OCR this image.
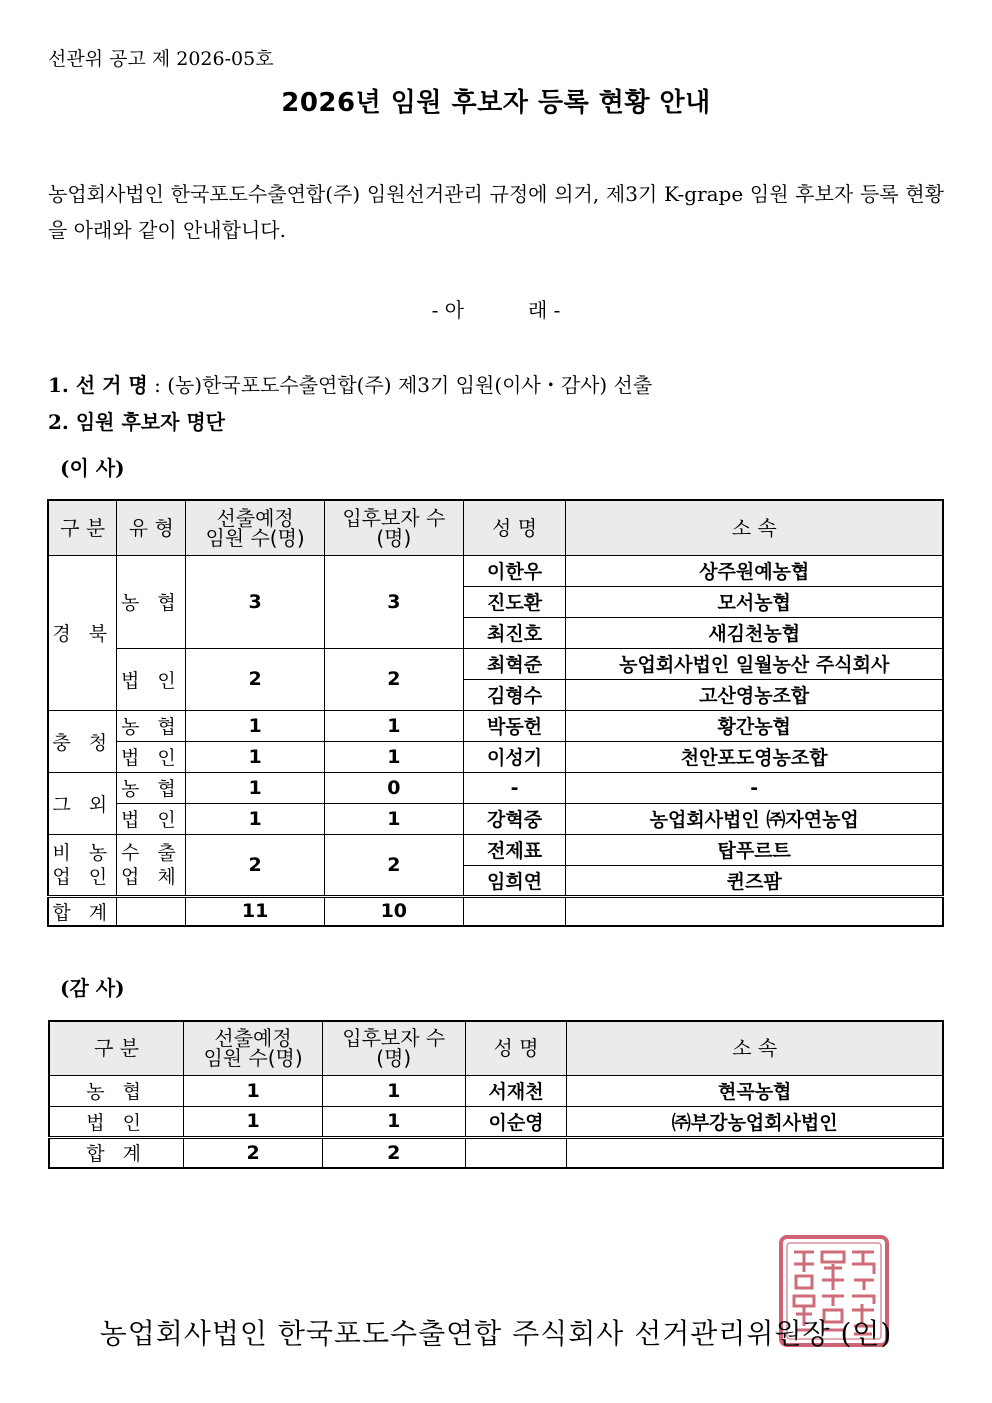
선관위 공고 제 2026-05호
2026년 임원 후보자 등록 현황 안내
농업회사법인 한국포도수출연합(주) 임원선거관리 규정에 의거, 제3기 K-grape 임원 후보자 등록 현황을 아래와 같이 안내합니다.
- 아	래 -
1. 선 거 명 : (농)한국포도수출연합(주) 제3기 임원(이사・감사) 선출
2. 임원 후보자 명단
(이 사)
구 분	유 형	선출예정
임원 수(명)	입후보자 수
(명)	성 명	소 속
경 북	농 협	3	3	이한우	상주원예농협
				진도환	모서농협
				최진호	새김천농협
	법 인	2	2	최혁준	농업회사법인 일월농산 주식회사
				김형수	고산영농조합
충 청	농 협	1	1	박동헌	황간농협
	법 인	1	1	이성기	천안포도영농조합
그 외	농 협	1	0	-	-
	법 인	1	1	강혁중	농업회사법인 ㈜자연농업
비 농
업 인	수 출
업 체	2	2	전제표	탑푸르트
				임희연	퀸즈팜
합 계		11	10		
(감 사)
구 분	선출예정
임원 수(명)	입후보자 수
(명)	성 명	소 속
농 협	1	1	서재천	현곡농협
법 인	1	1	이순영	㈜부강농업회사법인
합 계	2	2		
농업회사법인 한국포도수출연합 주식회사 선거관리위원장 (인)
